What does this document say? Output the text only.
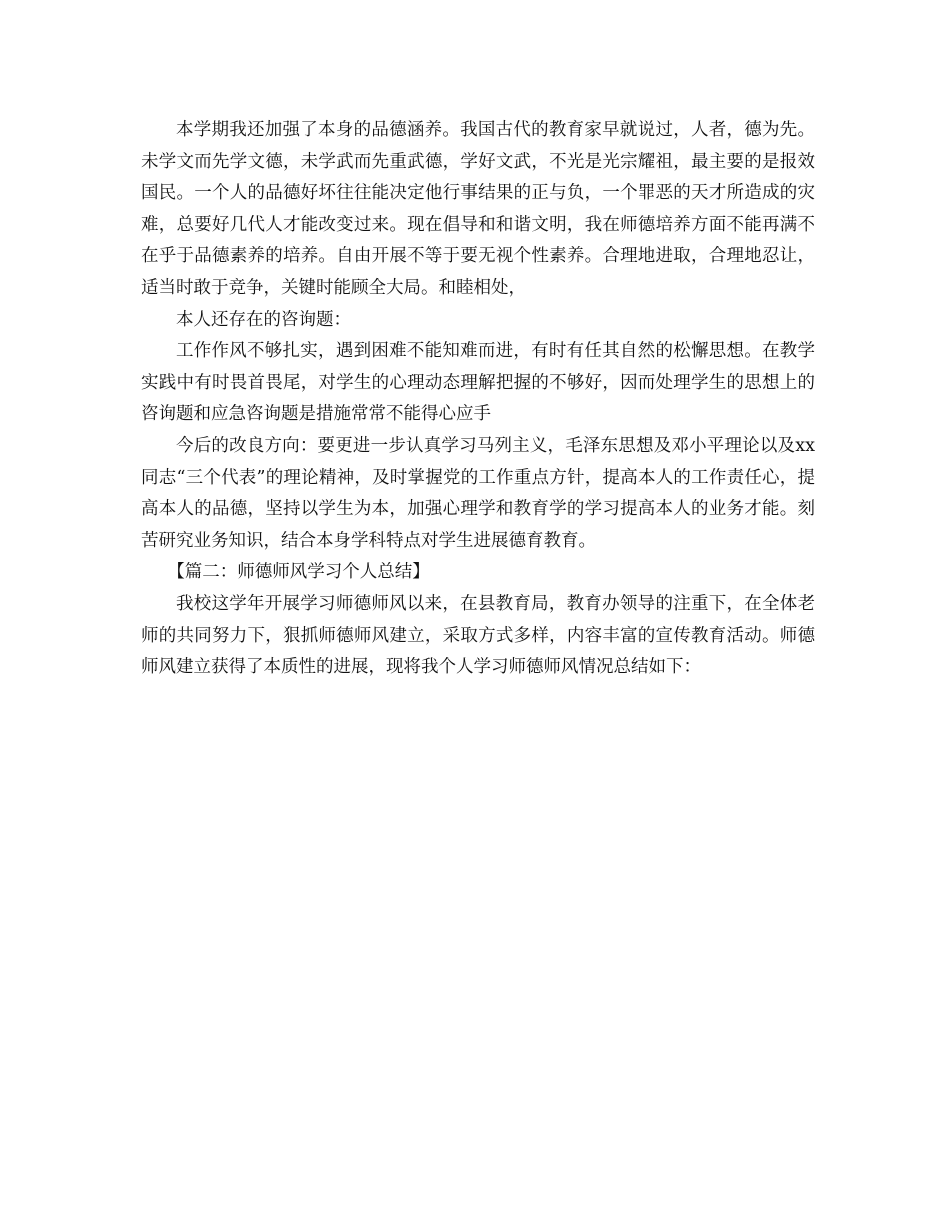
本学期我还加强了本身的品德涵养。我国古代的教育家早就说过，人者，德为先。未学文而先学文德，未学武而先重武德，学好文武，不光是光宗耀祖，最主要的是报效国民。一个人的品德好坏往往能决定他行事结果的正与负，一个罪恶的天才所造成的灾难，总要好几代人才能改变过来。现在倡导和和谐文明，我在师德培养方面不能再满不在乎于品德素养的培养。自由开展不等于要无视个性素养。合理地进取，合理地忍让，适当时敢于竞争，关键时能顾全大局。和睦相处，

本人还存在的咨询题：

工作作风不够扎实，遇到困难不能知难而进，有时有任其自然的松懈思想。在教学实践中有时畏首畏尾，对学生的心理动态理解把握的不够好，因而处理学生的思想上的咨询题和应急咨询题是措施常常不能得心应手

今后的改良方向：要更进一步认真学习马列主义，毛泽东思想及邓小平理论以及xx同志“三个代表”的理论精神，及时掌握党的工作重点方针，提高本人的工作责任心，提高本人的品德，坚持以学生为本，加强心理学和教育学的学习提高本人的业务才能。刻苦研究业务知识，结合本身学科特点对学生进展德育教育。

【篇二：师德师风学习个人总结】

我校这学年开展学习师德师风以来，在县教育局，教育办领导的注重下，在全体老师的共同努力下，狠抓师德师风建立，采取方式多样，内容丰富的宣传教育活动。师德师风建立获得了本质性的进展，现将我个人学习师德师风情况总结如下：
